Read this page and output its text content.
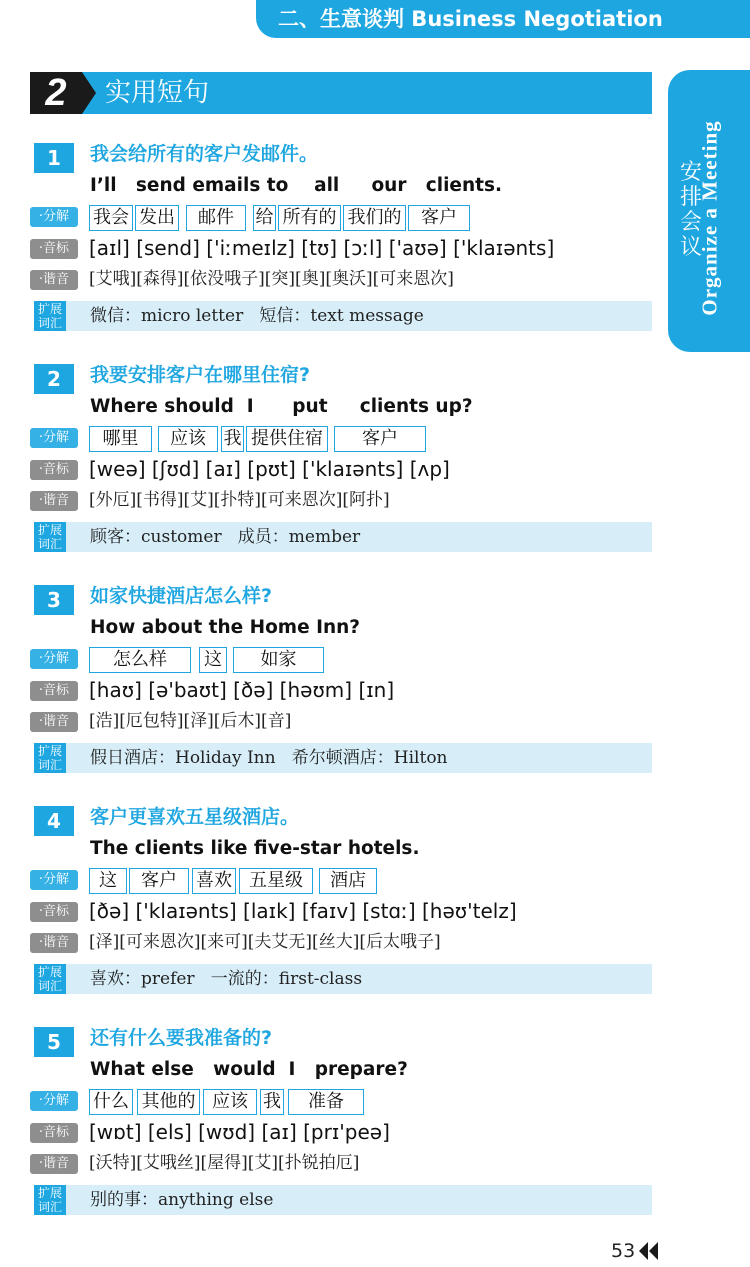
二、生意谈判 Business Negotiation
2	实用短句
安
排
会
议
Organize a Meeting
1	我会给所有的客户发邮件。
I’ll   send emails to    all     our   clients.
·分解	我会 发出	邮件	给 所有的 我们的	客户
·音标 [aɪl] [send] ['iːmeɪlz] [tʊ] [ɔːl] ['aʊə] ['klaɪənts]
·谐音	[艾哦][森得][依没哦子][突][奥][奥沃][可来恩次]
扩展
词汇 微信：micro letter   短信：text message
2	我要安排客户在哪里住宿?
Where should  I      put     clients up?
·分解	哪里	应该 我 提供住宿	客户
·音标 [weə] [ʃʊd] [aɪ] [pʊt] ['klaɪənts] [ʌp]
·谐音	[外厄][书得][艾][扑特][可来恩次][阿扑]
扩展
词汇 顾客：customer   成员：member
3	如家快捷酒店怎么样?
How about the Home Inn?
·分解	怎么样	这	如家
·音标 [haʊ] [ə'baʊt] [ðə] [həʊm] [ɪn]
·谐音	[浩][厄包特][泽][后木][音]
扩展
词汇 假日酒店：Holiday Inn   希尔顿酒店：Hilton
4	客户更喜欢五星级酒店。
The clients like five-star hotels.
·分解	这	客户	喜欢 五星级	酒店
·音标 [ðə] ['klaɪənts] [laɪk] [faɪv] [stɑː] [həʊ'telz]
·谐音	[泽][可来恩次][来可][夫艾无][丝大][后太哦子]
扩展
词汇 喜欢：prefer   一流的：first-class
5	还有什么要我准备的?
What else   would  I   prepare?
·分解	什么 其他的 应该 我	准备
·音标 [wɒt] [els] [wʊd] [aɪ] [prɪ'peə]
·谐音	[沃特][艾哦丝][屋得][艾][扑锐拍厄]
扩展
词汇 别的事：anything else
53
